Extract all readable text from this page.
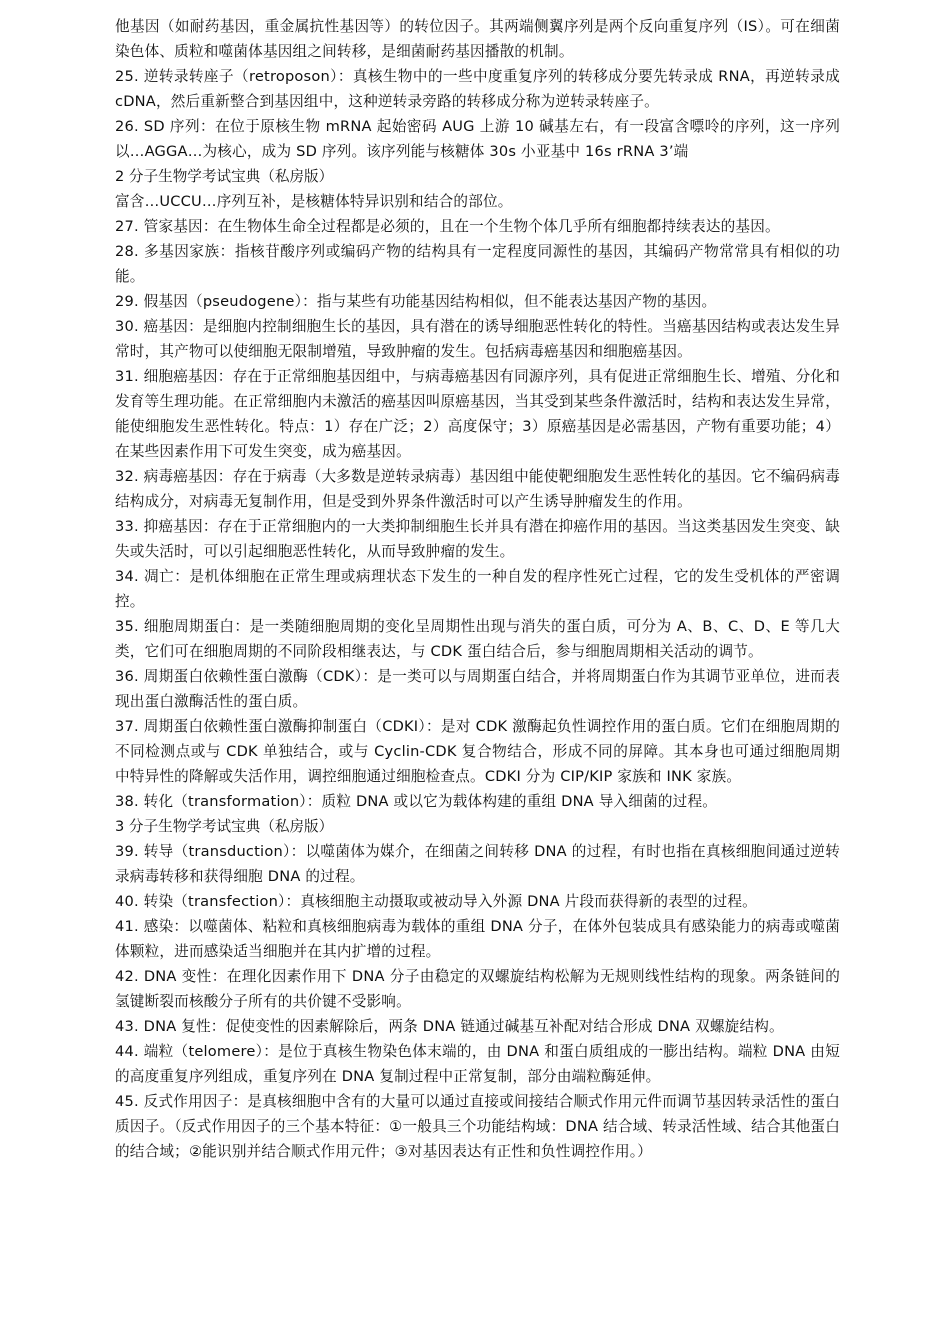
他基因（如耐药基因，重金属抗性基因等）的转位因子。其两端侧翼序列是两个反向重复序列（IS）。可在细菌染色体、质粒和噬菌体基因组之间转移，是细菌耐药基因播散的机制。

25. 逆转录转座子（retroposon）：真核生物中的一些中度重复序列的转移成分要先转录成 RNA，再逆转录成 cDNA，然后重新整合到基因组中，这种逆转录旁路的转移成分称为逆转录转座子。

26. SD 序列：在位于原核生物 mRNA 起始密码 AUG 上游 10 碱基左右，有一段富含嘌呤的序列，这一序列以…AGGA…为核心，成为 SD 序列。该序列能与核糖体 30s 小亚基中 16s rRNA 3’端

2 分子生物学考试宝典（私房版）

富含…UCCU…序列互补，是核糖体特异识别和结合的部位。

27. 管家基因：在生物体生命全过程都是必须的，且在一个生物个体几乎所有细胞都持续表达的基因。

28. 多基因家族：指核苷酸序列或编码产物的结构具有一定程度同源性的基因，其编码产物常常具有相似的功能。

29. 假基因（pseudogene）：指与某些有功能基因结构相似，但不能表达基因产物的基因。

30. 癌基因：是细胞内控制细胞生长的基因，具有潜在的诱导细胞恶性转化的特性。当癌基因结构或表达发生异常时，其产物可以使细胞无限制增殖，导致肿瘤的发生。包括病毒癌基因和细胞癌基因。

31. 细胞癌基因：存在于正常细胞基因组中，与病毒癌基因有同源序列，具有促进正常细胞生长、增殖、分化和发育等生理功能。在正常细胞内未激活的癌基因叫原癌基因，当其受到某些条件激活时，结构和表达发生异常，能使细胞发生恶性转化。特点：1）存在广泛；2）高度保守；3）原癌基因是必需基因，产物有重要功能；4）在某些因素作用下可发生突变，成为癌基因。

32. 病毒癌基因：存在于病毒（大多数是逆转录病毒）基因组中能使靶细胞发生恶性转化的基因。它不编码病毒结构成分，对病毒无复制作用，但是受到外界条件激活时可以产生诱导肿瘤发生的作用。

33. 抑癌基因：存在于正常细胞内的一大类抑制细胞生长并具有潜在抑癌作用的基因。当这类基因发生突变、缺失或失活时，可以引起细胞恶性转化，从而导致肿瘤的发生。

34. 凋亡：是机体细胞在正常生理或病理状态下发生的一种自发的程序性死亡过程，它的发生受机体的严密调控。

35. 细胞周期蛋白：是一类随细胞周期的变化呈周期性出现与消失的蛋白质，可分为 A、B、C、D、E 等几大类，它们可在细胞周期的不同阶段相继表达，与 CDK 蛋白结合后，参与细胞周期相关活动的调节。

36. 周期蛋白依赖性蛋白激酶（CDK）：是一类可以与周期蛋白结合，并将周期蛋白作为其调节亚单位，进而表现出蛋白激酶活性的蛋白质。

37. 周期蛋白依赖性蛋白激酶抑制蛋白（CDKI）：是对 CDK 激酶起负性调控作用的蛋白质。它们在细胞周期的不同检测点或与 CDK 单独结合，或与 Cyclin-CDK 复合物结合，形成不同的屏障。其本身也可通过细胞周期中特异性的降解或失活作用，调控细胞通过细胞检查点。CDKI 分为 CIP/KIP 家族和 INK 家族。

38. 转化（transformation）：质粒 DNA 或以它为载体构建的重组 DNA 导入细菌的过程。

3 分子生物学考试宝典（私房版）

39. 转导（transduction）：以噬菌体为媒介，在细菌之间转移 DNA 的过程，有时也指在真核细胞间通过逆转录病毒转移和获得细胞 DNA 的过程。

40. 转染（transfection）：真核细胞主动摄取或被动导入外源 DNA 片段而获得新的表型的过程。

41. 感染：以噬菌体、粘粒和真核细胞病毒为载体的重组 DNA 分子，在体外包装成具有感染能力的病毒或噬菌体颗粒，进而感染适当细胞并在其内扩增的过程。

42. DNA 变性：在理化因素作用下 DNA 分子由稳定的双螺旋结构松解为无规则线性结构的现象。两条链间的氢键断裂而核酸分子所有的共价键不受影响。

43. DNA 复性：促使变性的因素解除后，两条 DNA 链通过碱基互补配对结合形成 DNA 双螺旋结构。

44. 端粒（telomere）：是位于真核生物染色体末端的，由 DNA 和蛋白质组成的一膨出结构。端粒 DNA 由短的高度重复序列组成，重复序列在 DNA 复制过程中正常复制，部分由端粒酶延伸。

45. 反式作用因子：是真核细胞中含有的大量可以通过直接或间接结合顺式作用元件而调节基因转录活性的蛋白质因子。（反式作用因子的三个基本特征：①一般具三个功能结构域：DNA 结合域、转录活性域、结合其他蛋白的结合域；②能识别并结合顺式作用元件；③对基因表达有正性和负性调控作用。）
